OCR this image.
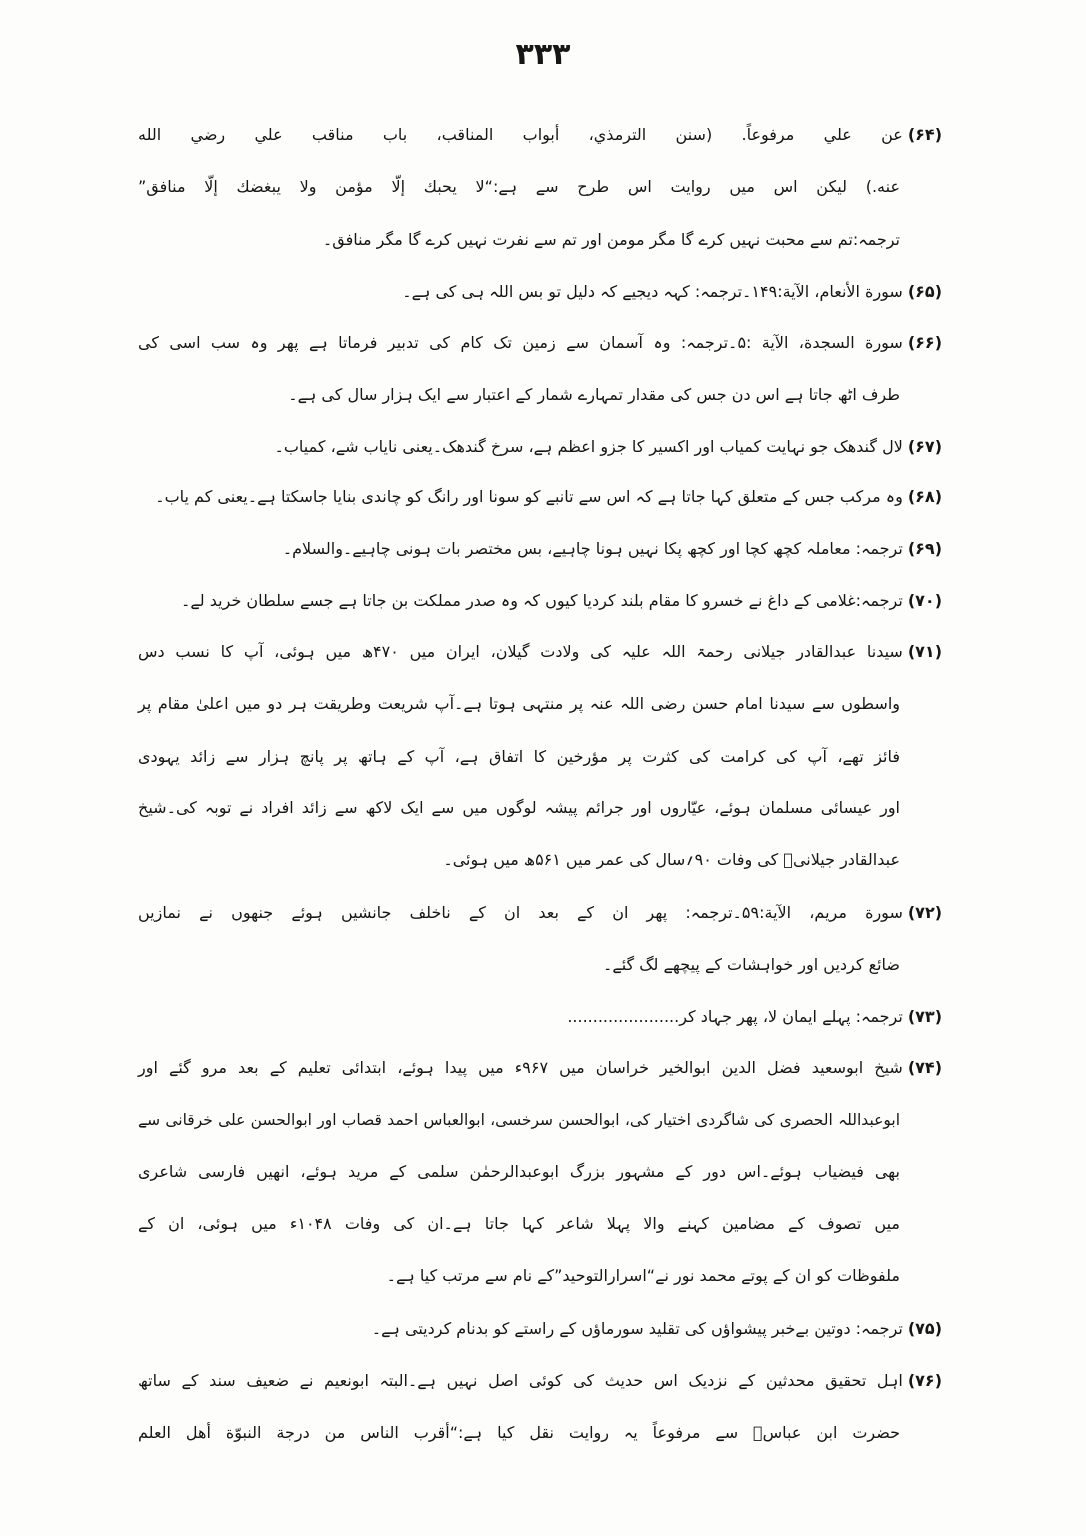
۳۳۳
(۶۴)عن علي مرفوعاً. (سنن الترمذي، أبواب المناقب، باب مناقب علي رضي الله
عنه.) لیکن اس میں روایت اس طرح سے ہے:“لا يحبك إلّا مؤمن ولا يبغضك إلّا منافق”
ترجمہ:تم سے محبت نہیں کرے گا مگر مومن اور تم سے نفرت نہیں کرے گا مگر منافق۔
(۶۵)سورة الأنعام، الآية:۱۴۹۔ترجمہ: کہہ دیجیے کہ دلیل تو بس اللہ ہی کی ہے۔
(۶۶)سورة السجدة، الآية :۵۔ترجمہ: وہ آسمان سے زمین تک کام کی تدبیر فرماتا ہے پھر وہ سب اسی کی
طرف اٹھ جاتا ہے اس دن جس کی مقدار تمہارے شمار کے اعتبار سے ایک ہزار سال کی ہے۔
(۶۷)لال گندھک جو نہایت کمیاب اور اکسیر کا جزو اعظم ہے، سرخ گندھک۔یعنی نایاب شے، کمیاب۔
(۶۸)وہ مرکب جس کے متعلق کہا جاتا ہے کہ اس سے تانبے کو سونا اور رانگ کو چاندی بنایا جاسکتا ہے۔یعنی کم یاب۔
(۶۹)ترجمہ: معاملہ کچھ کچا اور کچھ پکا نہیں ہونا چاہیے، بس مختصر بات ہونی چاہیے۔والسلام۔
(۷۰)ترجمہ:غلامی کے داغ نے خسرو کا مقام بلند کردیا کیوں کہ وہ صدر مملکت بن جاتا ہے جسے سلطان خرید لے۔
(۷۱)سیدنا عبدالقادر جیلانی رحمۃ اللہ علیہ کی ولادت گیلان، ایران میں ۴۷۰ھ میں ہوئی، آپ کا نسب دس
واسطوں سے سیدنا امام حسن رضی اللہ عنہ پر منتہی ہوتا ہے۔آپ شریعت وطریقت ہر دو میں اعلیٰ مقام پر
فائز تھے، آپ کی کرامت کی کثرت پر مؤرخین کا اتفاق ہے، آپ کے ہاتھ پر پانچ ہزار سے زائد یہودی
اور عیسائی مسلمان ہوئے، عیّاروں اور جرائم پیشہ لوگوں میں سے ایک لاکھ سے زائد افراد نے توبہ کی۔شیخ
عبدالقادر جیلانیؒ کی وفات ۹۰؍سال کی عمر میں ۵۶۱ھ میں ہوئی۔
(۷۲)سورة مريم، الآية:۵۹۔ترجمہ: پھر ان کے بعد ان کے ناخلف جانشیں ہوئے جنھوں نے نمازیں
ضائع کردیں اور خواہشات کے پیچھے لگ گئے۔
(۷۳)ترجمہ: پہلے ایمان لا، پھر جہاد کر......................
(۷۴)شیخ ابوسعید فضل الدین ابوالخیر خراسان میں ۹۶۷ء میں پیدا ہوئے، ابتدائی تعلیم کے بعد مرو گئے اور
ابوعبداللہ الحصری کی شاگردی اختیار کی، ابوالحسن سرخسی، ابوالعباس احمد قصاب اور ابوالحسن علی خرقانی سے
بھی فیضیاب ہوئے۔اس دور کے مشہور بزرگ ابوعبدالرحمٰن سلمی کے مرید ہوئے، انھیں فارسی شاعری
میں تصوف کے مضامین کہنے والا پہلا شاعر کہا جاتا ہے۔ان کی وفات ۱۰۴۸ء میں ہوئی، ان کے
ملفوظات کو ان کے پوتے محمد نور نے“اسرارالتوحید”کے نام سے مرتب کیا ہے۔
(۷۵)ترجمہ: دوتین بےخبر پیشواؤں کی تقلید سورماؤں کے راستے کو بدنام کردیتی ہے۔
(۷۶)اہل تحقیق محدثین کے نزدیک اس حدیث کی کوئی اصل نہیں ہے۔البتہ ابونعیم نے ضعیف سند کے ساتھ
حضرت ابن عباسؓ سے مرفوعاً یہ روایت نقل کیا ہے:“أقرب الناس من درجة النبوّة أهل العلم
